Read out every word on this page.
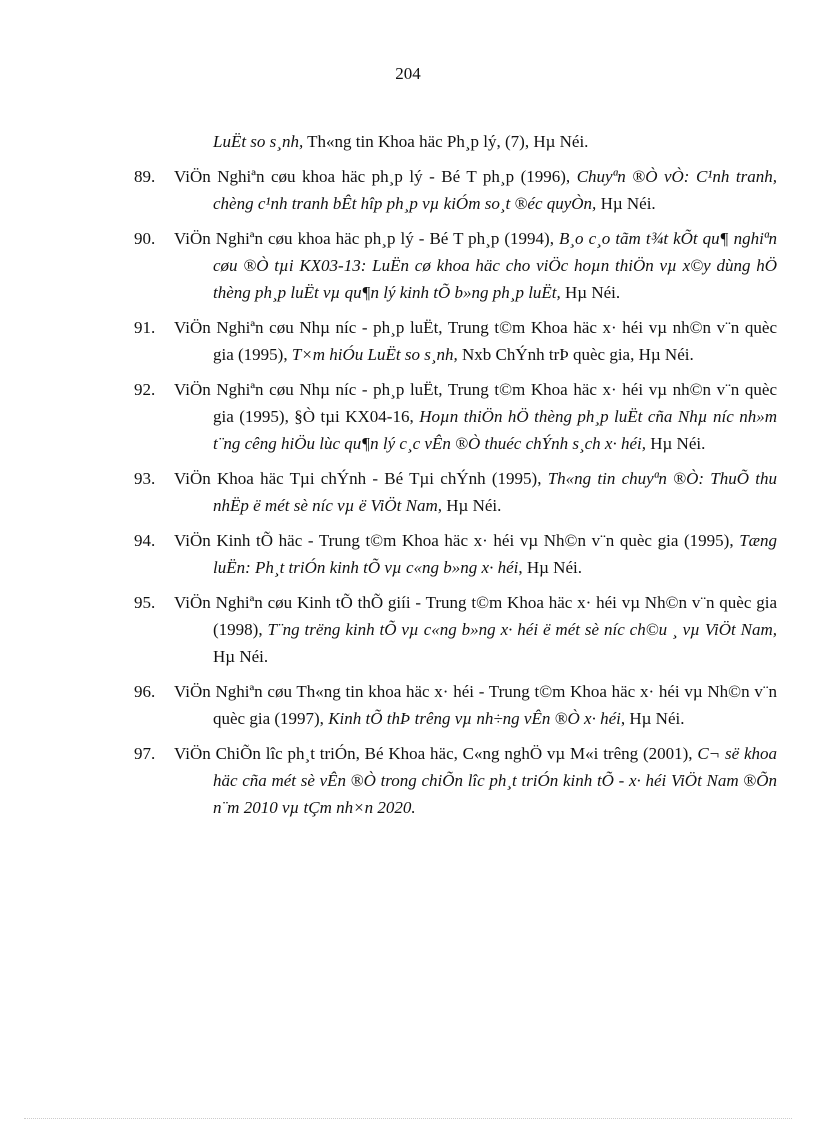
204
LuËt so s¸nh, Th«ng tin Khoa häc Ph¸p lý, (7), Hµ Néi.
89.	ViÖn Nghiªn cøu khoa häc ph¸p lý - Bé T ph¸p (1996), Chuyªn ®Ò vÒ: C¹nh tranh, chèng c¹nh tranh bÊt hîp ph¸p vµ kiÓm so¸t ®éc quyÒn, Hµ Néi.
90.	ViÖn Nghiªn cøu khoa häc ph¸p lý - Bé T ph¸p (1994), B¸o c¸o tãm t¾t kÕt qu¶ nghiªn cøu ®Ò tµi KX03-13: LuËn cø khoa häc cho viÖc hoµn thiÖn vµ x©y dùng hÖ thèng ph¸p luËt vµ qu¶n lý kinh tÕ b»ng ph¸p luËt, Hµ Néi.
91.	ViÖn Nghiªn cøu Nhµ níc - ph¸p luËt, Trung t©m Khoa häc x· héi vµ nh©n v¨n quèc gia (1995), T×m hiÓu LuËt so s¸nh, Nxb ChÝnh trÞ quèc gia, Hµ Néi.
92.	ViÖn Nghiªn cøu Nhµ níc - ph¸p luËt, Trung t©m Khoa häc x· héi vµ nh©n v¨n quèc gia (1995), §Ò tµi KX04-16, Hoµn thiÖn hÖ thèng ph¸p luËt cña Nhµ níc nh»m t¨ng cêng hiÖu lùc qu¶n lý c¸c vÊn ®Ò thuéc chÝnh s¸ch x· héi, Hµ Néi.
93.	ViÖn Khoa häc Tµi chÝnh - Bé Tµi chÝnh (1995), Th«ng tin chuyªn ®Ò: ThuÕ thu nhËp ë mét sè níc vµ ë ViÖt Nam, Hµ Néi.
94.	ViÖn Kinh tÕ häc - Trung t©m Khoa häc x· héi vµ Nh©n v¨n quèc gia (1995), Tæng luËn: Ph¸t triÓn kinh tÕ vµ c«ng b»ng x· héi, Hµ Néi.
95.	ViÖn Nghiªn cøu Kinh tÕ thÕ giíi - Trung t©m Khoa häc x· héi vµ Nh©n v¨n quèc gia (1998), T¨ng trëng kinh tÕ vµ c«ng b»ng x· héi ë mét sè níc ch©u ¸ vµ ViÖt Nam, Hµ Néi.
96.	ViÖn Nghiªn cøu Th«ng tin khoa häc x· héi - Trung t©m Khoa häc x· héi vµ Nh©n v¨n quèc gia (1997), Kinh tÕ thÞ trêng vµ nh÷ng vÊn ®Ò x· héi, Hµ Néi.
97.	ViÖn ChiÕn lîc ph¸t triÓn, Bé Khoa häc, C«ng nghÖ vµ M«i trêng (2001), C¬ së khoa häc cña mét sè vÊn ®Ò trong chiÕn lîc ph¸t triÓn kinh tÕ - x· héi ViÖt Nam ®Õn n¨m 2010 vµ tÇm nh×n 2020.
